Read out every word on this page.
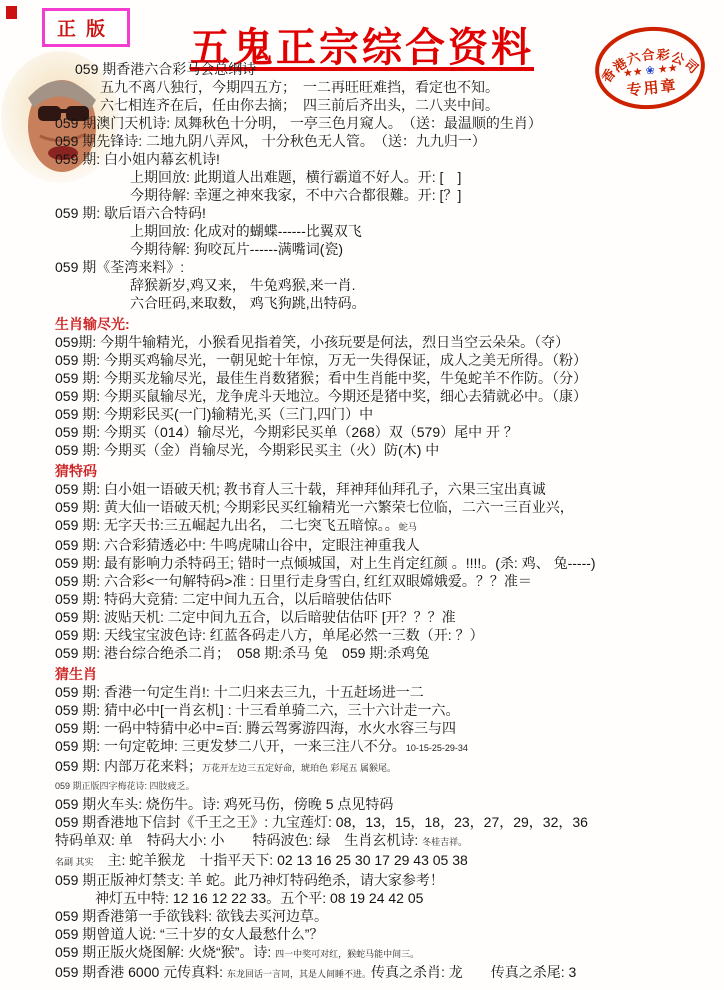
正版	五鬼正宗综合资料
香港六合彩公司
★★ ❀ ★★
专用章
059 期香港六合彩马会总纲诗
五九不离八独行，今期四五方；　一二再旺旺难挡，看定也不知。
六七相连齐在后，任由你去摘；　四三前后齐出头，二八夹中间。
059 期澳门天机诗: 凤舞秋色十分明， 一亭三色月窥人。　（送：最温顺的生肖）
059 期先锋诗: 二地九阴八弄风， 十分秋色无人管。　（送：九九归一）
059 期: 白小姐内幕玄机诗!
上期回放: 此期道人出难题，横行霸道不好人。开: [　]
今期待解: 幸運之神來我家，不中六合都很難。开: [？]
059 期: 歇后语六合特码!
上期回放: 化成对的蝴蝶------比翼双飞
今期待解: 狗咬瓦片------满嘴词(瓷)
059 期《荃湾来料》:
辞猴新岁,鸡又来， 牛兔鸡猴,来一肖.
六合旺码,来取数， 鸡飞狗跳,出特码。
生肖输尽光:
059期: 今期牛输精光，小猴看见指着笑，小孩玩要是何法，烈日当空云朵朵。（夺）
059 期: 今期买鸡输尽光，一朝见蛇十年惊，万无一失得保证，成人之美无所得。（粉）
059 期: 今期买龙输尽光，最佳生肖数猪猴；看中生肖能中奖，牛兔蛇羊不作防。（分）
059 期: 今期买鼠输尽光，龙争虎斗天地泣。今期还是猪中奖，细心去猜就必中。（康）
059 期: 今期彩民买(一门)输精光,买（三门,四门）中
059 期: 今期买（014）输尽光，今期彩民买单（268）双（579）尾中 开 ？
059 期: 今期买（金）肖输尽光，今期彩民买主（火）防(木) 中
猜特码
059 期: 白小姐一语破天机; 教书育人三十载，拜神拜仙拜孔子，六果三宝出真诚
059 期: 黄大仙一语破天机; 今期彩民买红输精光一六繁荣七位临，二六一三百业兴，
059 期: 无字天书:三五崛起九出名， 二七突飞五暗惊。。蛇马
059 期: 六合彩猜透必中: 牛鸣虎啸山谷中，定眼注神重我人
059 期: 最有影响力杀特码王; 错时一点倾城国，对上生肖定红颜 。!!!!。(杀: 鸡、 兔-----)
059 期: 六合彩<一句解特码>准 : 日里行走身雪白, 红红双眼嫦娥爱。？？准＝
059 期: 特码大竞猜: 二定中间九五合，以后暗驶估估吓
059 期: 波贴天机: 二定中间九五合，以后暗驶估估吓 [开？？？准
059 期: 天线宝宝波色诗: 红蓝各码走八方，单尾必然一三数（开: ？）
059 期: 港台综合绝杀二肖；　058 期:杀马 兔　059 期:杀鸡兔
猜生肖
059 期: 香港一句定生肖!: 十二归来去三九，十五赶场进一二
059 期: 猜中必中[一肖玄机] : 十三看单骑二六，三十六计走一六。
059 期: 一码中特猜中必中=百: 腾云驾雾游四海，水火水容三与四
059 期: 一句定乾坤: 三更发梦二八开，一来三注八不分。10-15-25-29-34
059 期: 内部万花来料；万花开左边三五定好命，琥珀色 彩尾五 属猴尾。
059 期正版四字梅花诗: 四肢疲乏。
059 期火车头: 烧伤牛。诗: 鸡死马伤，傍晚 5 点见特码
059 期香港地下信封《千王之王》: 九宝莲灯: 08，13，15，18，23，27，29，32，36
特码单双: 单　特码大小: 小　　特码波色: 绿　生肖玄机诗: 冬桂吉祥。
名副 其实　主: 蛇羊猴龙　十指平天下: 02 13 16 25 30 17 29 43 05 38
059 期正版神灯禁支: 羊 蛇。此乃神灯特码绝杀，请大家参考！
神灯五中特: 12 16 12 22 33。五个平: 08 19 24 42 05
059 期香港第一手欲钱料: 欲钱去买河边草。
059 期曾道人说: “三十岁的女人最愁什么”？
059 期正版火烧图解: 火烧“猴”。诗: 四一中奖可对红，猴蛇马能中间三。
059 期香港 6000 元传真料: 东龙回话一言同，其是人间睡不进。传真之杀肖: 龙　　传真之杀尾: 3
